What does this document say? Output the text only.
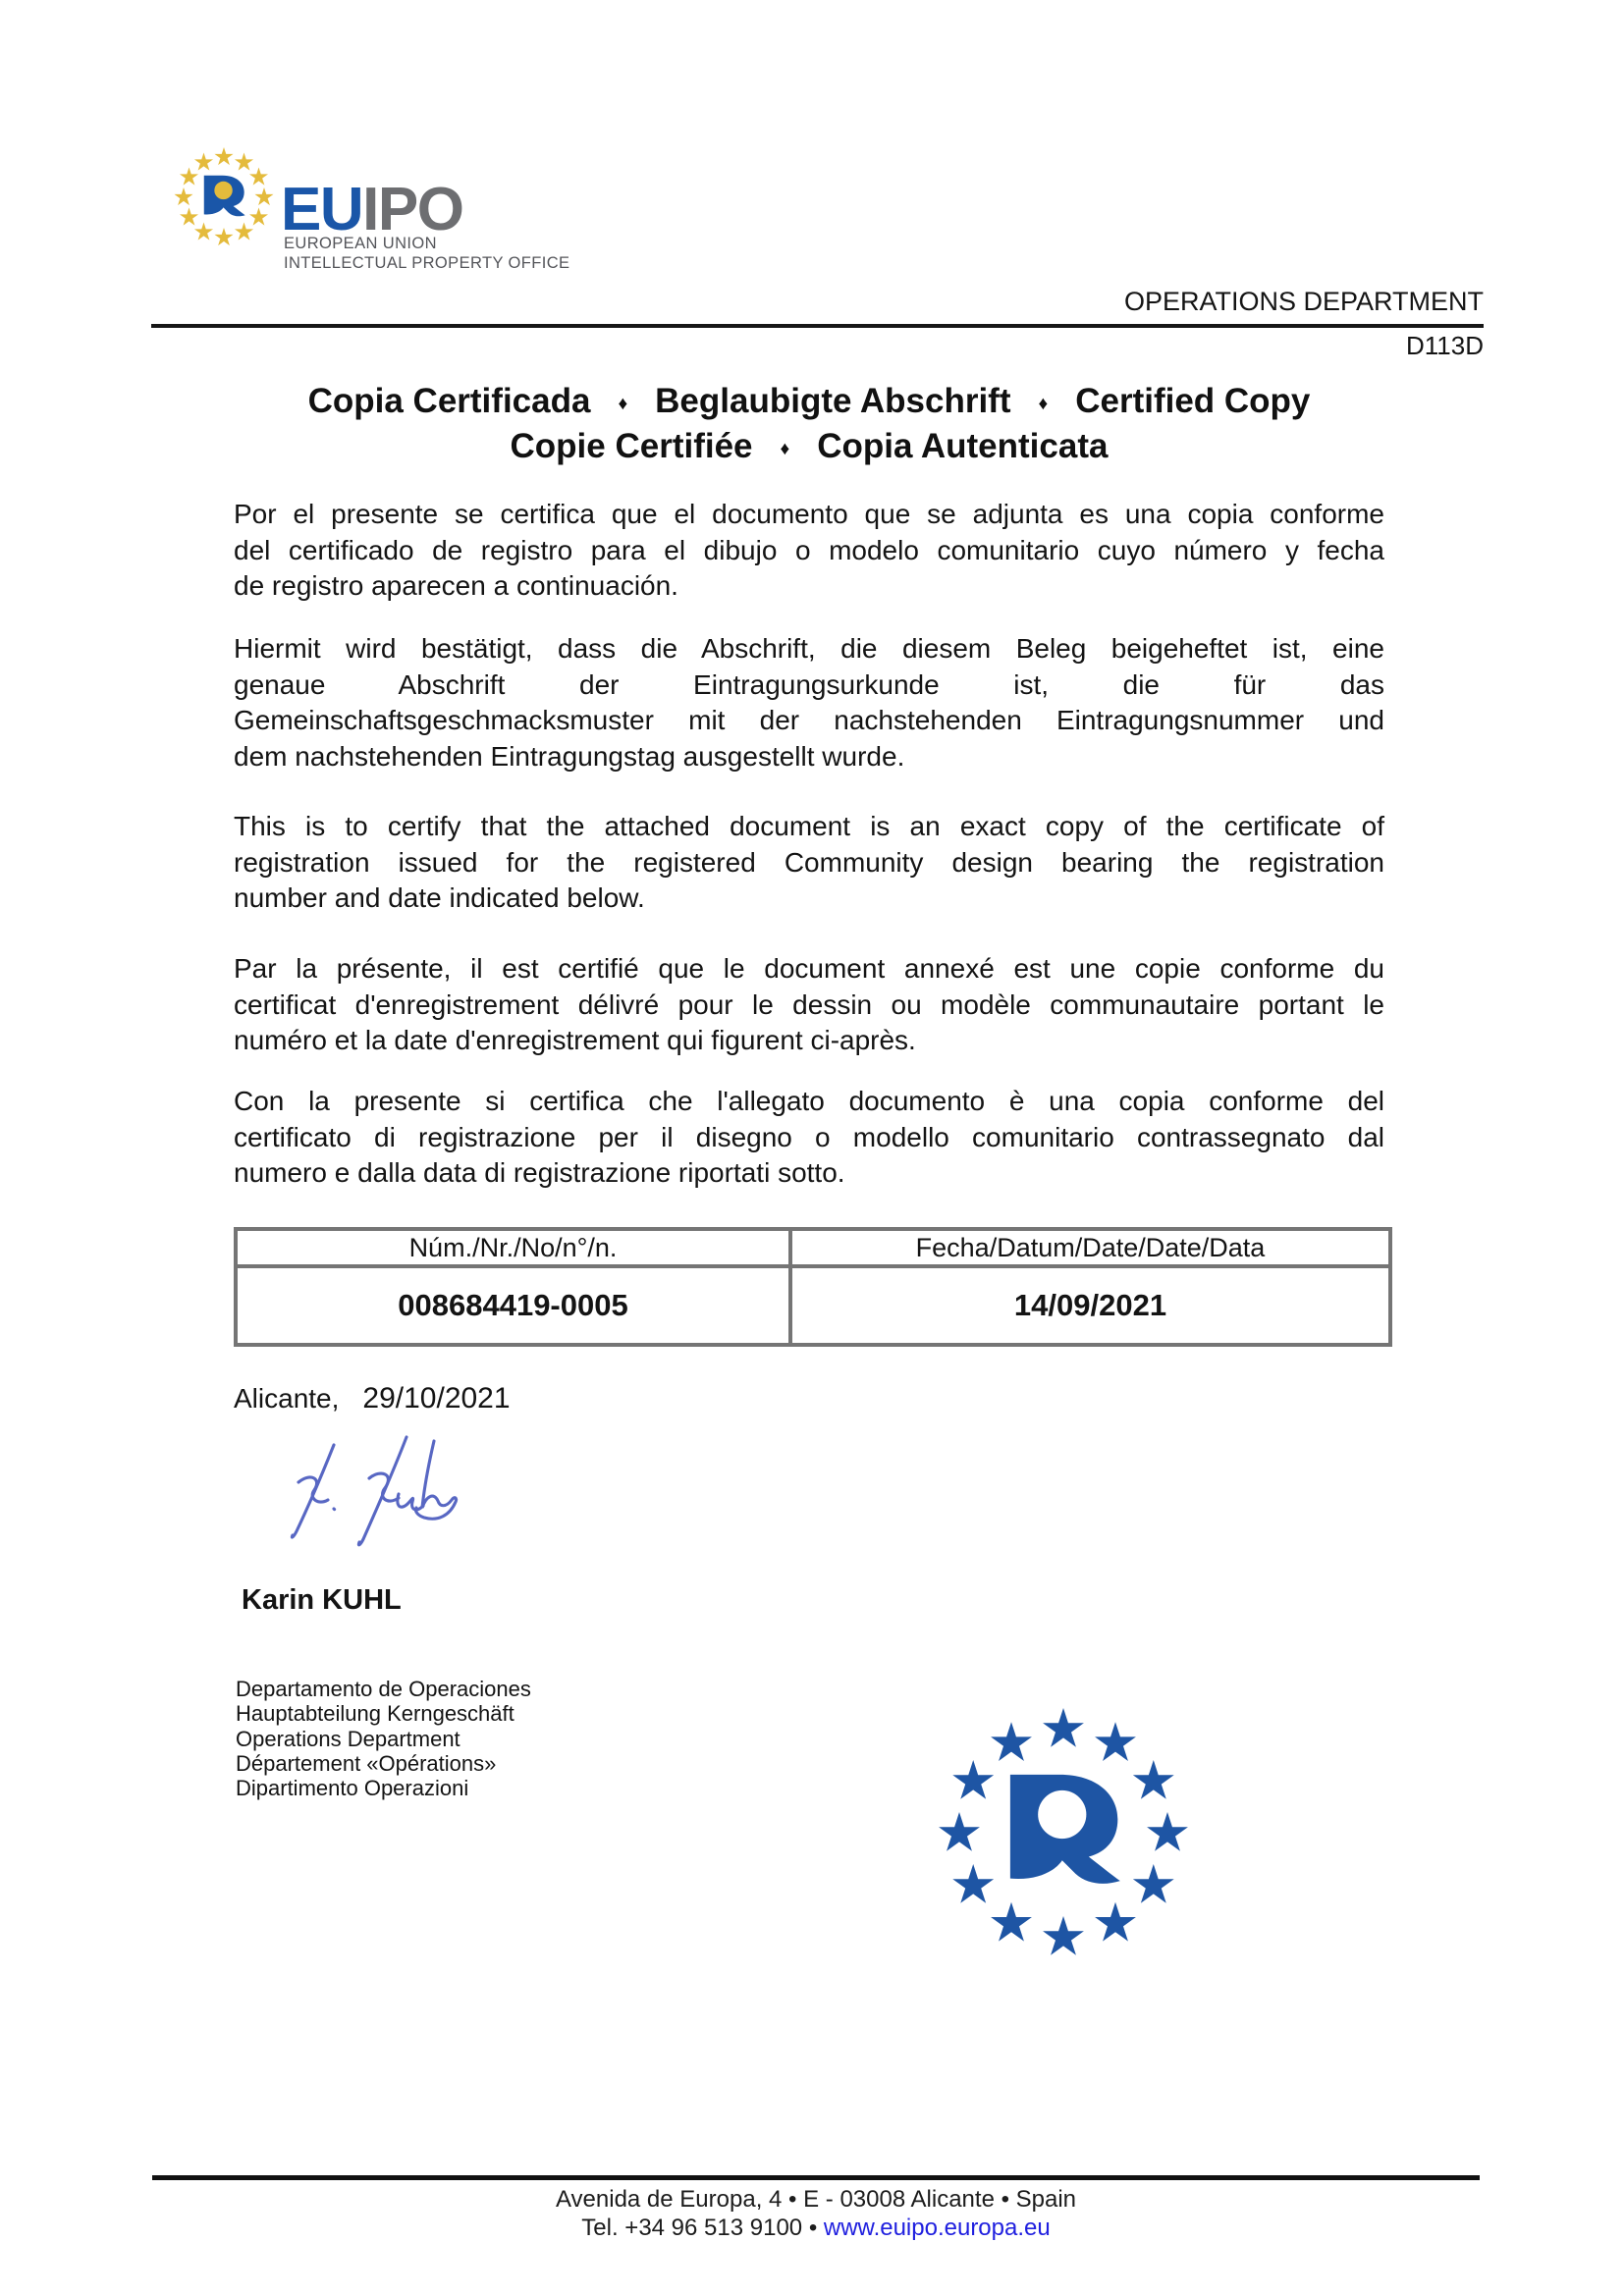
EUIPO
EUROPEAN UNION
INTELLECTUAL PROPERTY OFFICE
OPERATIONS DEPARTMENT
D113D
Copia Certificada ♦ Beglaubigte Abschrift ♦ Certified Copy
Copie Certifiée ♦ Copia Autenticata
Por el presente se certifica que el documento que se adjunta es una copia conforme
del certificado de registro para el dibujo o modelo comunitario cuyo número y fecha
de registro aparecen a continuación.
Hiermit wird bestätigt, dass die Abschrift, die diesem Beleg beigeheftet ist, eine
genaue Abschrift der Eintragungsurkunde ist, die für das
Gemeinschaftsgeschmacksmuster mit der nachstehenden Eintragungsnummer und
dem nachstehenden Eintragungstag ausgestellt wurde.
This is to certify that the attached document is an exact copy of the certificate of
registration issued for the registered Community design bearing the registration
number and date indicated below.
Par la présente, il est certifié que le document annexé est une copie conforme du
certificat d'enregistrement délivré pour le dessin ou modèle communautaire portant le
numéro et la date d'enregistrement qui figurent ci-après.
Con la presente si certifica che l'allegato documento è una copia conforme del
certificato di registrazione per il disegno o modello comunitario contrassegnato dal
numero e dalla data di registrazione riportati sotto.
Núm./Nr./No/n°/n.	Fecha/Datum/Date/Date/Data
008684419-0005	14/09/2021
Alicante, 29/10/2021
Karin KUHL
Departamento de Operaciones
Hauptabteilung Kerngeschäft
Operations Department
Département «Opérations»
Dipartimento Operazioni
Avenida de Europa, 4 • E - 03008 Alicante • Spain
Tel. +34 96 513 9100 • www.euipo.europa.eu
